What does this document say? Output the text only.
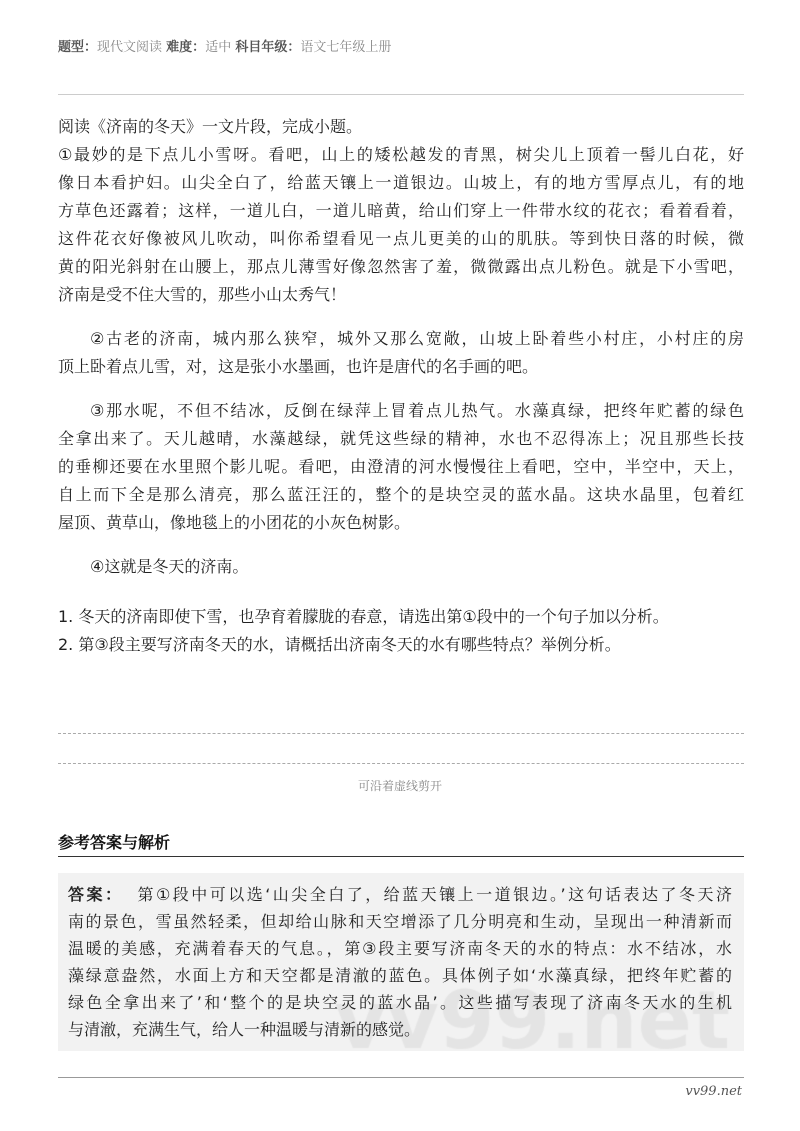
题型：现代文阅读 难度：适中 科目年级：语文七年级上册
阅读《济南的冬天》一文片段，完成小题。
①最妙的是下点儿小雪呀。看吧，山上的矮松越发的青黑，树尖儿上顶着一髻儿白花，好
像日本看护妇。山尖全白了，给蓝天镶上一道银边。山坡上，有的地方雪厚点儿，有的地
方草色还露着；这样，一道儿白，一道儿暗黄，给山们穿上一件带水纹的花衣；看着看着，
这件花衣好像被风儿吹动，叫你希望看见一点儿更美的山的肌肤。等到快日落的时候，微
黄的阳光斜射在山腰上，那点儿薄雪好像忽然害了羞，微微露出点儿粉色。就是下小雪吧，
济南是受不住大雪的，那些小山太秀气！
②古老的济南，城内那么狭窄，城外又那么宽敞，山坡上卧着些小村庄，小村庄的房
顶上卧着点儿雪，对，这是张小水墨画，也许是唐代的名手画的吧。
③那水呢，不但不结冰，反倒在绿萍上冒着点儿热气。水藻真绿，把终年贮蓄的绿色
全拿出来了。天儿越晴，水藻越绿，就凭这些绿的精神，水也不忍得冻上；况且那些长技
的垂柳还要在水里照个影儿呢。看吧，由澄清的河水慢慢往上看吧，空中，半空中，天上，
自上而下全是那么清亮，那么蓝汪汪的，整个的是块空灵的蓝水晶。这块水晶里，包着红
屋顶、黄草山，像地毯上的小团花的小灰色树影。
④这就是冬天的济南。
1. 冬天的济南即使下雪，也孕育着朦胧的春意，请选出第①段中的一个句子加以分析。
2. 第③段主要写济南冬天的水，请概括出济南冬天的水有哪些特点？举例分析。
可沿着虚线剪开
参考答案与解析
答案： 第①段中可以选‘山尖全白了，给蓝天镶上一道银边。’这句话表达了冬天济
南的景色，雪虽然轻柔，但却给山脉和天空增添了几分明亮和生动，呈现出一种清新而
温暖的美感，充满着春天的气息。，第③段主要写济南冬天的水的特点：水不结冰，水
藻绿意盎然，水面上方和天空都是清澈的蓝色。具体例子如‘水藻真绿，把终年贮蓄的
绿色全拿出来了’和‘整个的是块空灵的蓝水晶’。这些描写表现了济南冬天水的生机
与清澈，充满生气，给人一种温暖与清新的感觉。
vv99.net
